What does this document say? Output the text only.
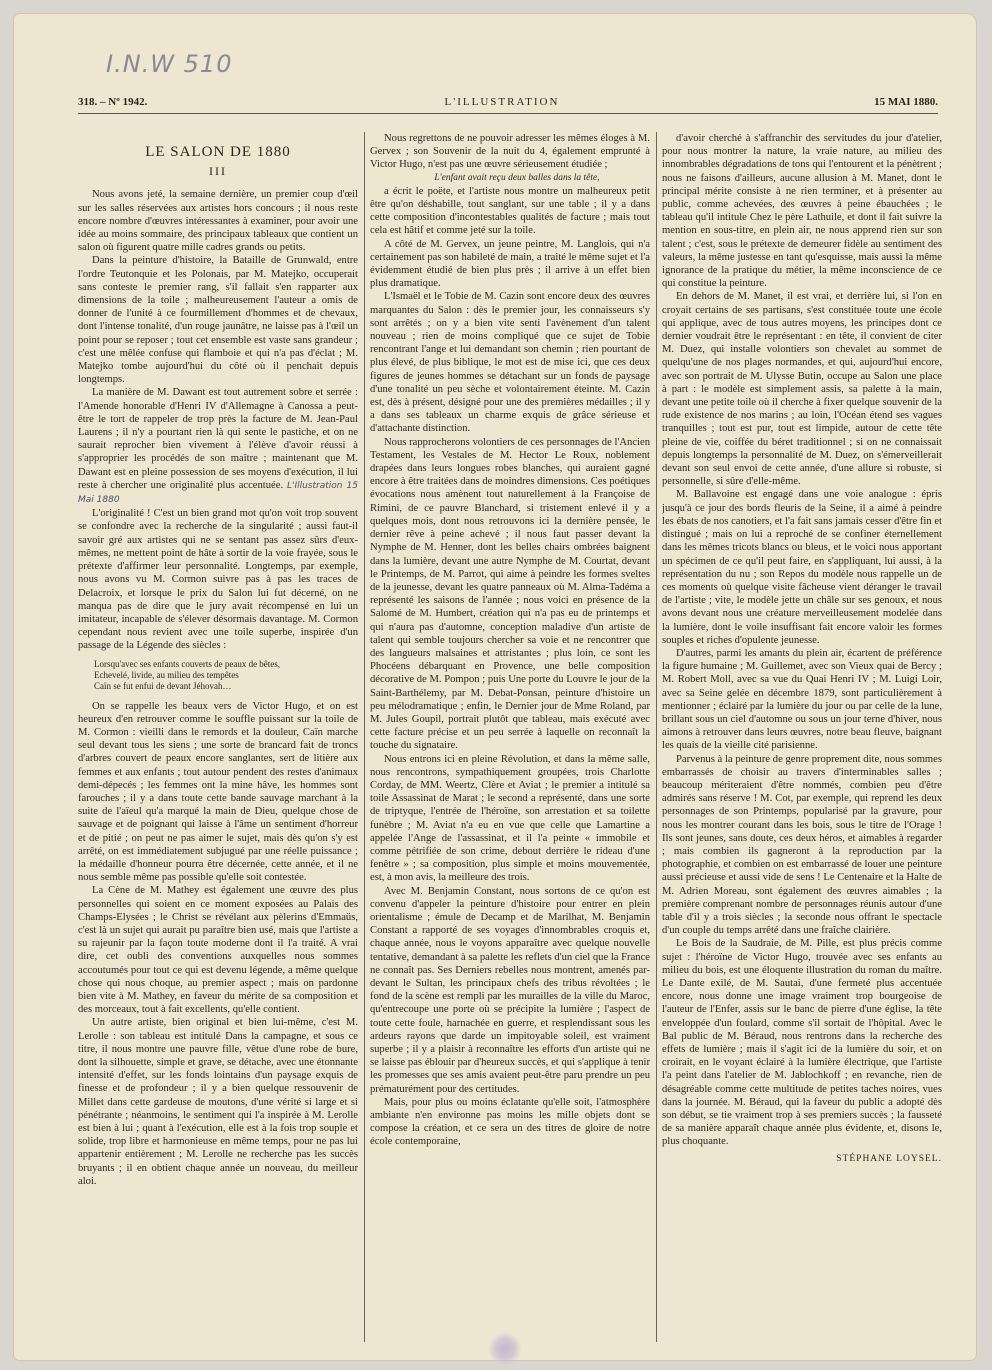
I.N.W 510
318. – Nº 1942.	L'ILLUSTRATION	15 MAI 1880.

LE SALON DE 1880

III

Nous avons jeté, la semaine dernière, un premier coup d'œil sur les salles réservées aux artistes hors concours ; il nous reste encore nombre d'œuvres intéressantes à examiner, pour avoir une idée au moins sommaire, des principaux tableaux que contient un salon où figurent quatre mille cadres grands ou petits.

Dans la peinture d'histoire, la Bataille de Grunwald, entre l'ordre Teutonquie et les Polonais, par M. Matejko, occuperait sans conteste le premier rang, s'il fallait s'en rapparter aux dimensions de la toile ; malheureusement l'auteur a omis de donner de l'unité à ce fourmillement d'hommes et de chevaux, dont l'intense tonalité, d'un rouge jaunâtre, ne laisse pas à l'œil un point pour se reposer ; tout cet ensemble est vaste sans grandeur ; c'est une mêlée confuse qui flamboie et qui n'a pas d'éclat ; M. Matejko tombe aujourd'hui du côté où il penchait depuis longtemps.

La manière de M. Dawant est tout autrement sobre et serrée : l'Amende honorable d'Henri IV d'Allemagne à Canossa a peut-être le tort de rappeler de trop près la facture de M. Jean-Paul Laurens ; il n'y a pourtant rien là qui sente le pastiche, et on ne saurait reprocher bien vivement à l'élève d'avoir réussi à s'approprier les procédés de son maître ; maintenant que M. Dawant est en pleine possession de ses moyens d'exécution, il lui reste à chercher une originalité plus accentuée. L'Illustration 15 Mai 1880

L'originalité ! C'est un bien grand mot qu'on voit trop souvent se confondre avec la recherche de la singularité ; aussi faut-il savoir gré aux artistes qui ne se sentant pas assez sûrs d'eux-mêmes, ne mettent point de hâte à sortir de la voie frayée, sous le prétexte d'affirmer leur personnalité. Longtemps, par exemple, nous avons vu M. Cormon suivre pas à pas les traces de Delacroix, et lorsque le prix du Salon lui fut décerné, on ne manqua pas de dire que le jury avait récompensé en lui un imitateur, incapable de s'élever désormais davantage. M. Cormon cependant nous revient avec une toile superbe, inspirée d'un passage de la Légende des siècles :

Lorsqu'avec ses enfants couverts de peaux de bêtes,
Echevelé, livide, au milieu des tempêtes
Caïn se fut enfui de devant Jéhovah…

On se rappelle les beaux vers de Victor Hugo, et on est heureux d'en retrouver comme le souffle puissant sur la toile de M. Cormon : vieilli dans le remords et la douleur, Caïn marche seul devant tous les siens ; une sorte de brancard fait de troncs d'arbres couvert de peaux encore sanglantes, sert de litière aux femmes et aux enfants ; tout autour pendent des restes d'animaux demi-dépecés ; les femmes ont la mine hâve, les hommes sont farouches ; il y a dans toute cette bande sauvage marchant à la suite de l'aïeul qu'a marqué la main de Dieu, quelque chose de sauvage et de poignant qui laisse à l'âme un sentiment d'horreur et de pitié ; on peut ne pas aimer le sujet, mais dès qu'on s'y est arrêté, on est immédiatement subjugué par une réelle puissance ; la médaille d'honneur pourra être décernée, cette année, et il ne nous semble même pas possible qu'elle soit contestée.

La Cène de M. Mathey est également une œuvre des plus personnelles qui soient en ce moment exposées au Palais des Champs-Elysées ; le Christ se révélant aux pèlerins d'Emmaüs, c'est là un sujet qui aurait pu paraître bien usé, mais que l'artiste a su rajeunir par la façon toute moderne dont il l'a traité. A vrai dire, cet oubli des conventions auxquelles nous sommes accoutumés pour tout ce qui est devenu légende, a même quelque chose qui nous choque, au premier aspect ; mais on pardonne bien vite à M. Mathey, en faveur du mérite de sa composition et des morceaux, tout à fait excellents, qu'elle contient.

Un autre artiste, bien original et bien lui-même, c'est M. Lerolle : son tableau est intitulé Dans la campagne, et sous ce titre, il nous montre une pauvre fille, vêtue d'une robe de bure, dont la silhouette, simple et grave, se détache, avec une étonnante intensité d'effet, sur les fonds lointains d'un paysage exquis de finesse et de profondeur ; il y a bien quelque ressouvenir de Millet dans cette gardeuse de moutons, d'une vérité si large et si pénétrante ; néanmoins, le sentiment qui l'a inspirée à M. Lerolle est bien à lui ; quant à l'exécution, elle est à la fois trop souple et solide, trop libre et harmonieuse en même temps, pour ne pas lui appartenir entièrement ; M. Lerolle ne recherche pas les succès bruyants ; il en obtient chaque année un nouveau, du meilleur aloi.

Nous regrettons de ne pouvoir adresser les mêmes éloges à M. Gervex ; son Souvenir de la nuit du 4, également emprunté à Victor Hugo, n'est pas une œuvre sérieusement étudiée ;

L'enfant avait reçu deux balles dans la tête,

a écrit le poëte, et l'artiste nous montre un malheureux petit être qu'on déshabille, tout sanglant, sur une table ; il y a dans cette composition d'incontestables qualités de facture ; mais tout cela est hâtif et comme jeté sur la toile.

A côté de M. Gervex, un jeune peintre, M. Langlois, qui n'a certainement pas son habileté de main, a traité le même sujet et l'a évidemment étudié de bien plus près ; il arrive à un effet bien plus dramatique.

L'Ismaël et le Tobie de M. Cazin sont encore deux des œuvres marquantes du Salon : dès le premier jour, les connaisseurs s'y sont arrêtés ; on y a bien vite senti l'avènement d'un talent nouveau ; rien de moins compliqué que ce sujet de Tobie rencontrant l'ange et lui demandant son chemin ; rien pourtant de plus élevé, de plus biblique, le mot est de mise ici, que ces deux figures de jeunes hommes se détachant sur un fonds de paysage d'une tonalité un peu sèche et volontairement éteinte. M. Cazin est, dès à présent, désigné pour une des premières médailles ; il y a dans ses tableaux un charme exquis de grâce sérieuse et d'attachante distinction.

Nous rapprocherons volontiers de ces personnages de l'Ancien Testament, les Vestales de M. Hector Le Roux, noblement drapées dans leurs longues robes blanches, qui auraient gagné encore à être traitées dans de moindres dimensions. Ces poétiques évocations nous amènent tout naturellement à la Françoise de Rimini, de ce pauvre Blanchard, si tristement enlevé il y a quelques mois, dont nous retrouvons ici la dernière pensée, le dernier rêve à peine achevé ; il nous faut passer devant la Nymphe de M. Henner, dont les belles chairs ombrées baignent dans la lumière, devant une autre Nymphe de M. Courtat, devant le Printemps, de M. Parrot, qui aime à peindre les formes sveltes de la jeunesse, devant les quatre panneaux où M. Alma-Tadéma a représenté les saisons de l'année ; nous voici en présence de la Salomé de M. Humbert, création qui n'a pas eu de printemps et qui n'aura pas d'automne, conception maladive d'un artiste de talent qui semble toujours chercher sa voie et ne rencontrer que des langueurs malsaines et attristantes ; plus loin, ce sont les Phocéens débarquant en Provence, une belle composition décorative de M. Pompon ; puis Une porte du Louvre le jour de la Saint-Barthélemy, par M. Debat-Ponsan, peinture d'histoire un peu mélodramatique ; enfin, le Dernier jour de Mme Roland, par M. Jules Goupil, portrait plutôt que tableau, mais exécuté avec cette facture précise et un peu serrée à laquelle on reconnaît la touche du signataire.

Nous entrons ici en pleine Révolution, et dans la même salle, nous rencontrons, sympathiquement groupées, trois Charlotte Corday, de MM. Weertz, Clère et Aviat ; le premier a intitulé sa toile Assassinat de Marat ; le second a représenté, dans une sorte de triptyque, l'entrée de l'héroïne, son arrestation et sa toilette funèbre ; M. Aviat n'a eu en vue que celle que Lamartine a appelée l'Ange de l'assassinat, et il l'a peinte « immobile et comme pétrifiée de son crime, debout derrière le rideau d'une fenêtre » ; sa composition, plus simple et moins mouvementée, est, à mon avis, la meilleure des trois.

Avec M. Benjamin Constant, nous sortons de ce qu'on est convenu d'appeler la peinture d'histoire pour entrer en plein orientalisme ; émule de Decamp et de Marilhat, M. Benjamin Constant a rapporté de ses voyages d'innombrables croquis et, chaque année, nous le voyons apparaître avec quelque nouvelle tentative, demandant à sa palette les reflets d'un ciel que la France ne connaît pas. Ses Derniers rebelles nous montrent, amenés par-devant le Sultan, les principaux chefs des tribus révoltées ; le fond de la scène est rempli par les murailles de la ville du Maroc, qu'entrecoupe une porte où se précipite la lumière ; l'aspect de toute cette foule, harnachée en guerre, et resplendissant sous les ardeurs rayons que darde un impitoyable soleil, est vraiment superbe ; il y a plaisir à reconnaître les efforts d'un artiste qui ne se laisse pas éblouir par d'heureux succès, et qui s'applique à tenir les promesses que ses amis avaient peut-être paru prendre un peu prématurément pour des certitudes.

Mais, pour plus ou moins éclatante qu'elle soit, l'atmosphère ambiante n'en environne pas moins les mille objets dont se compose la création, et ce sera un des titres de gloire de notre école contemporaine,

d'avoir cherché à s'affranchir des servitudes du jour d'atelier, pour nous montrer la nature, la vraie nature, au milieu des innombrables dégradations de tons qui l'entourent et la pénètrent ; nous ne faisons d'ailleurs, aucune allusion à M. Manet, dont le principal mérite consiste à ne rien terminer, et à présenter au public, comme achevées, des œuvres à peine ébauchées ; le tableau qu'il intitule Chez le père Lathuile, et dont il fait suivre la mention en sous-titre, en plein air, ne nous apprend rien sur son talent ; c'est, sous le prétexte de demeurer fidèle au sentiment des valeurs, la même justesse en tant qu'esquisse, mais aussi la même ignorance de la pratique du métier, la même inconscience de ce qui constitue la peinture.

En dehors de M. Manet, il est vrai, et derrière lui, si l'on en croyait certains de ses partisans, s'est constituée toute une école qui applique, avec de tous autres moyens, les principes dont ce dernier voudrait être le représentant : en tête, il convient de citer M. Duez, qui installe volontiers son chevalet au sommet de quelqu'une de nos plages normandes, et qui, aujourd'hui encore, avec son portrait de M. Ulysse Butin, occupe au Salon une place à part : le modèle est simplement assis, sa palette à la main, devant une petite toile où il cherche à fixer quelque souvenir de la rude existence de nos marins ; au loin, l'Océan étend ses vagues tranquilles ; tout est pur, tout est limpide, autour de cette tête pleine de vie, coiffée du béret traditionnel ; si on ne connaissait depuis longtemps la personnalité de M. Duez, on s'émerveillerait devant son seul envoi de cette année, d'une allure si robuste, si personnelle, si sûre d'elle-même.

M. Ballavoine est engagé dans une voie analogue : épris jusqu'à ce jour des bords fleuris de la Seine, il a aimé à peindre les ébats de nos canotiers, et l'a fait sans jamais cesser d'être fin et distingué ; mais on lui a reproché de se confiner éternellement dans les mêmes tricots blancs ou bleus, et le voici nous apportant un spécimen de ce qu'il peut faire, en s'appliquant, lui aussi, à la représentation du nu ; son Repos du modèle nous rappelle un de ces moments où quelque visite fâcheuse vient déranger le travail de l'artiste ; vite, le modèle jette un châle sur ses genoux, et nous avons devant nous une créature merveilleusement modelée dans la lumière, dont le voile insuffisant fait encore valoir les formes souples et riches d'opulente jeunesse.

D'autres, parmi les amants du plein air, écartent de préférence la figure humaine ; M. Guillemet, avec son Vieux quai de Bercy ; M. Robert Moll, avec sa vue du Quai Henri IV ; M. Luigi Loir, avec sa Seine gelée en décembre 1879, sont particulièrement à mentionner ; éclairé par la lumière du jour ou par celle de la lune, brillant sous un ciel d'automne ou sous un jour terne d'hiver, nous aimons à retrouver dans leurs œuvres, notre beau fleuve, baignant les quais de la vieille cité parisienne.

Parvenus à la peinture de genre proprement dite, nous sommes embarrassés de choisir au travers d'interminables salles ; beaucoup mériteraient d'être nommés, combien peu d'être admirés sans réserve ! M. Cot, par exemple, qui reprend les deux personnages de son Printemps, popularisé par la gravure, pour nous les montrer courant dans les bois, sous le titre de l'Orage ! Ils sont jeunes, sans doute, ces deux héros, et aimables à regarder ; mais combien ils gagneront à la reproduction par la photographie, et combien on est embarrassé de louer une peinture aussi précieuse et aussi vide de sens ! Le Centenaire et la Halte de M. Adrien Moreau, sont également des œuvres aimables ; la première comprenant nombre de personnages réunis autour d'une table d'il y a trois siècles ; la seconde nous offrant le spectacle d'un couple du temps arrêté dans une fraîche clairière.

Le Bois de la Saudraie, de M. Pille, est plus précis comme sujet : l'héroïne de Victor Hugo, trouvée avec ses enfants au milieu du bois, est une éloquente illustration du roman du maître. Le Dante exilé, de M. Sautai, d'une fermeté plus accentuée encore, nous donne une image vraiment trop bourgeoise de l'auteur de l'Enfer, assis sur le banc de pierre d'une église, la tête enveloppée d'un foulard, comme s'il sortait de l'hôpital. Avec le Bal public de M. Béraud, nous rentrons dans la recherche des effets de lumière ; mais il s'agit ici de la lumière du soir, et on croirait, en le voyant éclairé à la lumière électrique, que l'artiste l'a peint dans l'atelier de M. Jablochkoff ; en revanche, rien de désagréable comme cette multitude de petites taches noires, vues dans la journée. M. Béraud, qui la faveur du public a adopté dès son début, se tie vraiment trop à ses premiers succès ; la fausseté de sa manière apparaît chaque année plus évidente, et, disons le, plus choquante.

STÉPHANE LOYSEL.
